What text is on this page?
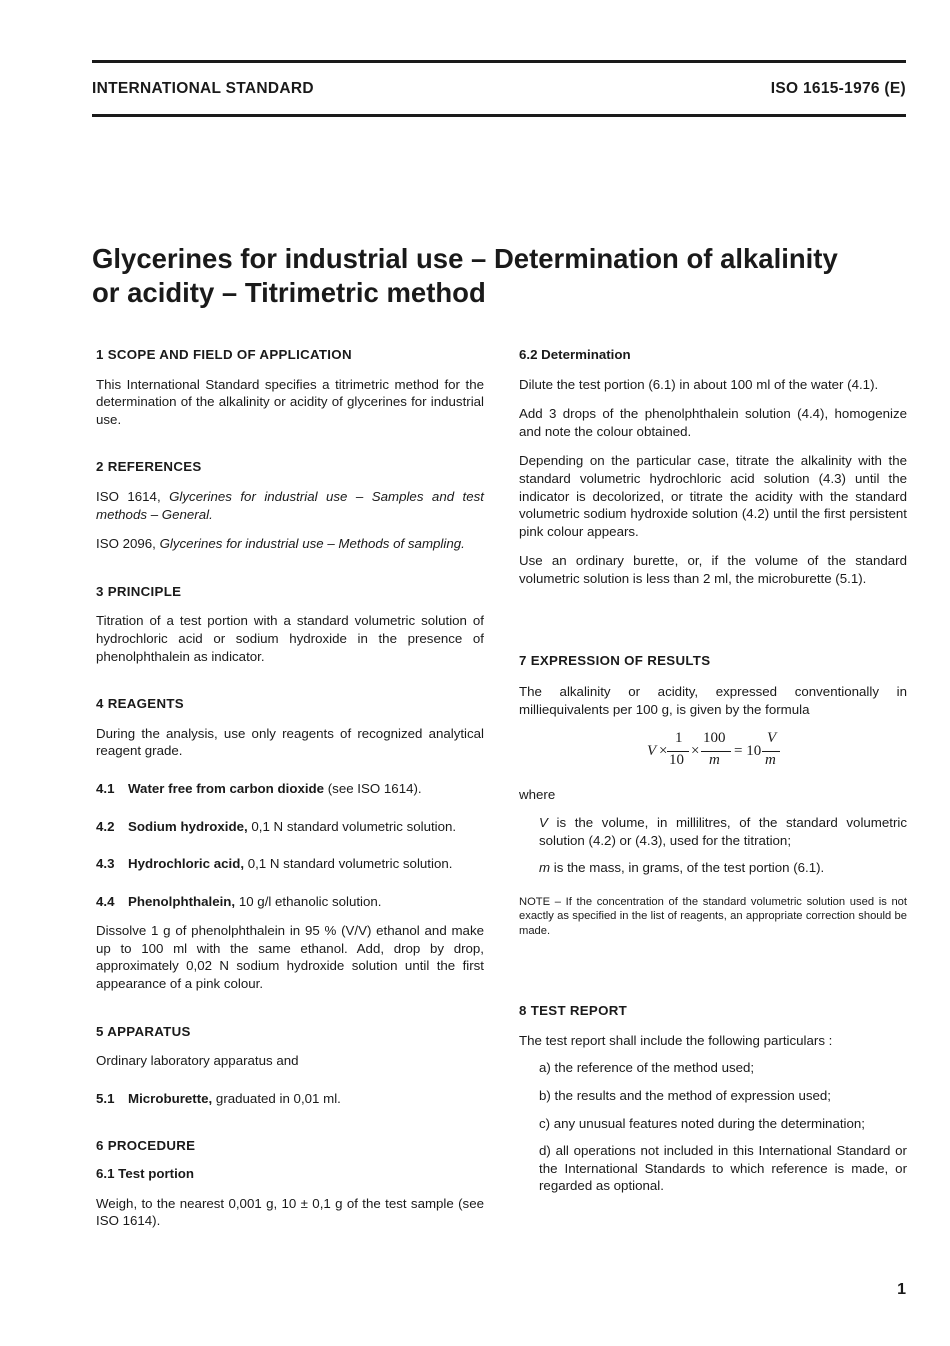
INTERNATIONAL STANDARD	ISO 1615-1976 (E)
Glycerines for industrial use – Determination of alkalinity
or acidity – Titrimetric method
1 SCOPE AND FIELD OF APPLICATION

This International Standard specifies a titrimetric method for the determination of the alkalinity or acidity of glycerines for industrial use.

2 REFERENCES

ISO 1614, Glycerines for industrial use – Samples and test methods – General.

ISO 2096, Glycerines for industrial use – Methods of sampling.

3 PRINCIPLE

Titration of a test portion with a standard volumetric solution of hydrochloric acid or sodium hydroxide in the presence of phenolphthalein as indicator.

4 REAGENTS

During the analysis, use only reagents of recognized analytical reagent grade.

4.1 Water free from carbon dioxide (see ISO 1614).

4.2 Sodium hydroxide, 0,1 N standard volumetric solution.

4.3 Hydrochloric acid, 0,1 N standard volumetric solution.

4.4 Phenolphthalein, 10 g/l ethanolic solution.

Dissolve 1 g of phenolphthalein in 95 % (V/V) ethanol and make up to 100 ml with the same ethanol. Add, drop by drop, approximately 0,02 N sodium hydroxide solution until the first appearance of a pink colour.

5 APPARATUS

Ordinary laboratory apparatus and

5.1 Microburette, graduated in 0,01 ml.

6 PROCEDURE
6.1 Test portion

Weigh, to the nearest 0,001 g, 10 ± 0,1 g of the test sample (see ISO 1614).

6.2 Determination

Dilute the test portion (6.1) in about 100 ml of the water (4.1).

Add 3 drops of the phenolphthalein solution (4.4), homogenize and note the colour obtained.

Depending on the particular case, titrate the alkalinity with the standard volumetric hydrochloric acid solution (4.3) until the indicator is decolorized, or titrate the acidity with the standard volumetric sodium hydroxide solution (4.2) until the first persistent pink colour appears.

Use an ordinary burette, or, if the volume of the standard volumetric solution is less than 2 ml, the microburette (5.1).

7 EXPRESSION OF RESULTS

The alkalinity or acidity, expressed conventionally in milliequivalents per 100 g, is given by the formula

V ×
1
10
×
100
m
= 10
V
m

where

V is the volume, in millilitres, of the standard volumetric solution (4.2) or (4.3), used for the titration;

m is the mass, in grams, of the test portion (6.1).

NOTE – If the concentration of the standard volumetric solution used is not exactly as specified in the list of reagents, an appropriate correction should be made.

8 TEST REPORT

The test report shall include the following particulars :

a) the reference of the method used;

b) the results and the method of expression used;

c) any unusual features noted during the determination;

d) all operations not included in this International Standard or the International Standards to which reference is made, or regarded as optional.

1
